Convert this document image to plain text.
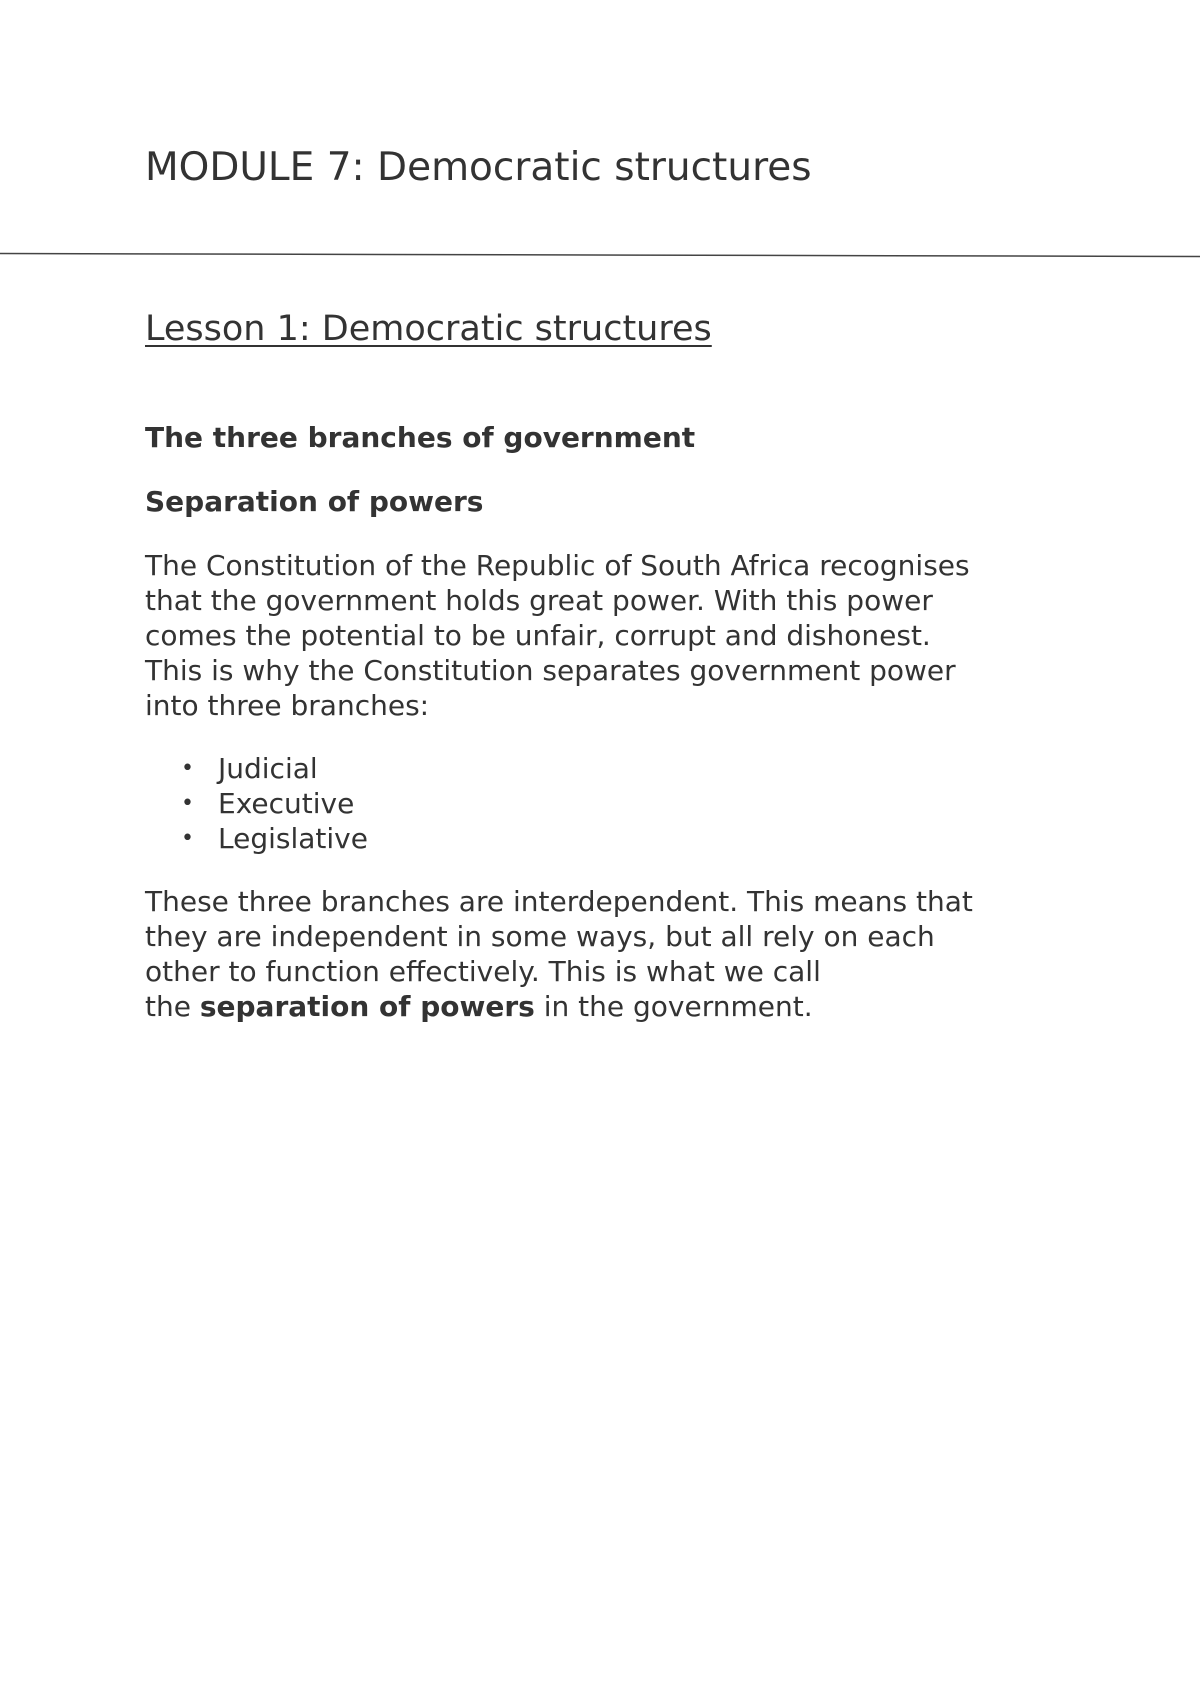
MODULE 7: Democratic structures
Lesson 1: Democratic structures
The three branches of government
Separation of powers

The Constitution of the Republic of South Africa recognises
that the government holds great power. With this power
comes the potential to be unfair, corrupt and dishonest.
This is why the Constitution separates government power
into three branches:

• Judicial
• Executive
• Legislative

These three branches are interdependent. This means that
they are independent in some ways, but all rely on each
other to function effectively. This is what we call
the separation of powers in the government.
